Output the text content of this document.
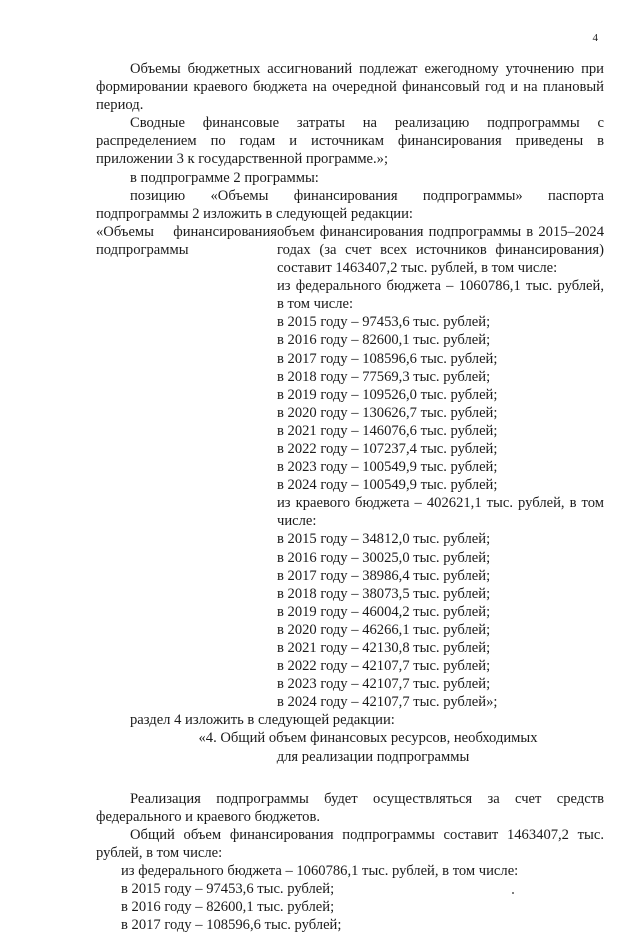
4

Объемы бюджетных ассигнований подлежат ежегодному уточнению при формировании краевого бюджета на очередной финансовый год и на плановый период.

Сводные финансовые затраты на реализацию подпрограммы с распределением по годам и источникам финансирования приведены в приложении 3 к государственной программе.»;

в подпрограмме 2 программы:

позицию «Объемы финансирования подпрограммы» паспорта подпрограммы 2 изложить в следующей редакции:

«Объемы финансирования
подпрограммы
объем финансирования подпрограммы в 2015–2024 годах (за счет всех источников финансирования) составит 1463407,2 тыс. рублей, в том числе:
из федерального бюджета – 1060786,1 тыс. рублей, в том числе:
в 2015 году – 97453,6 тыс. рублей;
в 2016 году – 82600,1 тыс. рублей;
в 2017 году – 108596,6 тыс. рублей;
в 2018 году – 77569,3 тыс. рублей;
в 2019 году – 109526,0 тыс. рублей;
в 2020 году – 130626,7 тыс. рублей;
в 2021 году – 146076,6 тыс. рублей;
в 2022 году – 107237,4 тыс. рублей;
в 2023 году – 100549,9 тыс. рублей;
в 2024 году – 100549,9 тыс. рублей;
из краевого бюджета – 402621,1 тыс. рублей, в том числе:
в 2015 году – 34812,0 тыс. рублей;
в 2016 году – 30025,0 тыс. рублей;
в 2017 году – 38986,4 тыс. рублей;
в 2018 году – 38073,5 тыс. рублей;
в 2019 году – 46004,2 тыс. рублей;
в 2020 году – 46266,1 тыс. рублей;
в 2021 году – 42130,8 тыс. рублей;
в 2022 году – 42107,7 тыс. рублей;
в 2023 году – 42107,7 тыс. рублей;
в 2024 году – 42107,7 тыс. рублей»;

раздел 4 изложить в следующей редакции:

«4. Общий объем финансовых ресурсов, необходимых

для реализации подпрограммы

Реализация подпрограммы будет осуществляться за счет средств федерального и краевого бюджетов.

Общий объем финансирования подпрограммы составит 1463407,2 тыс. рублей, в том числе:

из федерального бюджета – 1060786,1 тыс. рублей, в том числе:

в 2015 году – 97453,6 тыс. рублей;

в 2016 году – 82600,1 тыс. рублей;

в 2017 году – 108596,6 тыс. рублей;
